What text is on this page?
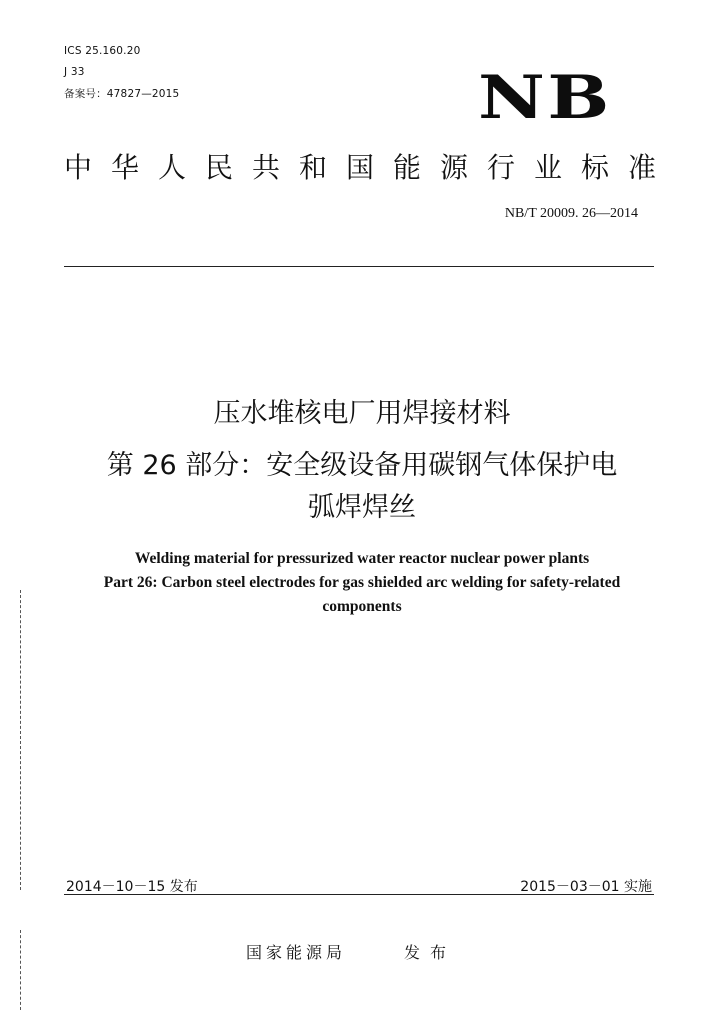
ICS 25.160.20
J 33
备案号：47827—2015	NB
中华人民共和国能源行业标准
NB/T 20009. 26—2014
压水堆核电厂用焊接材料
第 26 部分：安全级设备用碳钢气体保护电
弧焊焊丝
Welding material for pressurized water reactor nuclear power plants
Part 26: Carbon steel electrodes for gas shielded arc welding for safety-related
components
2014－10－15 发布	2015－03－01 实施
国家能源局	发布
